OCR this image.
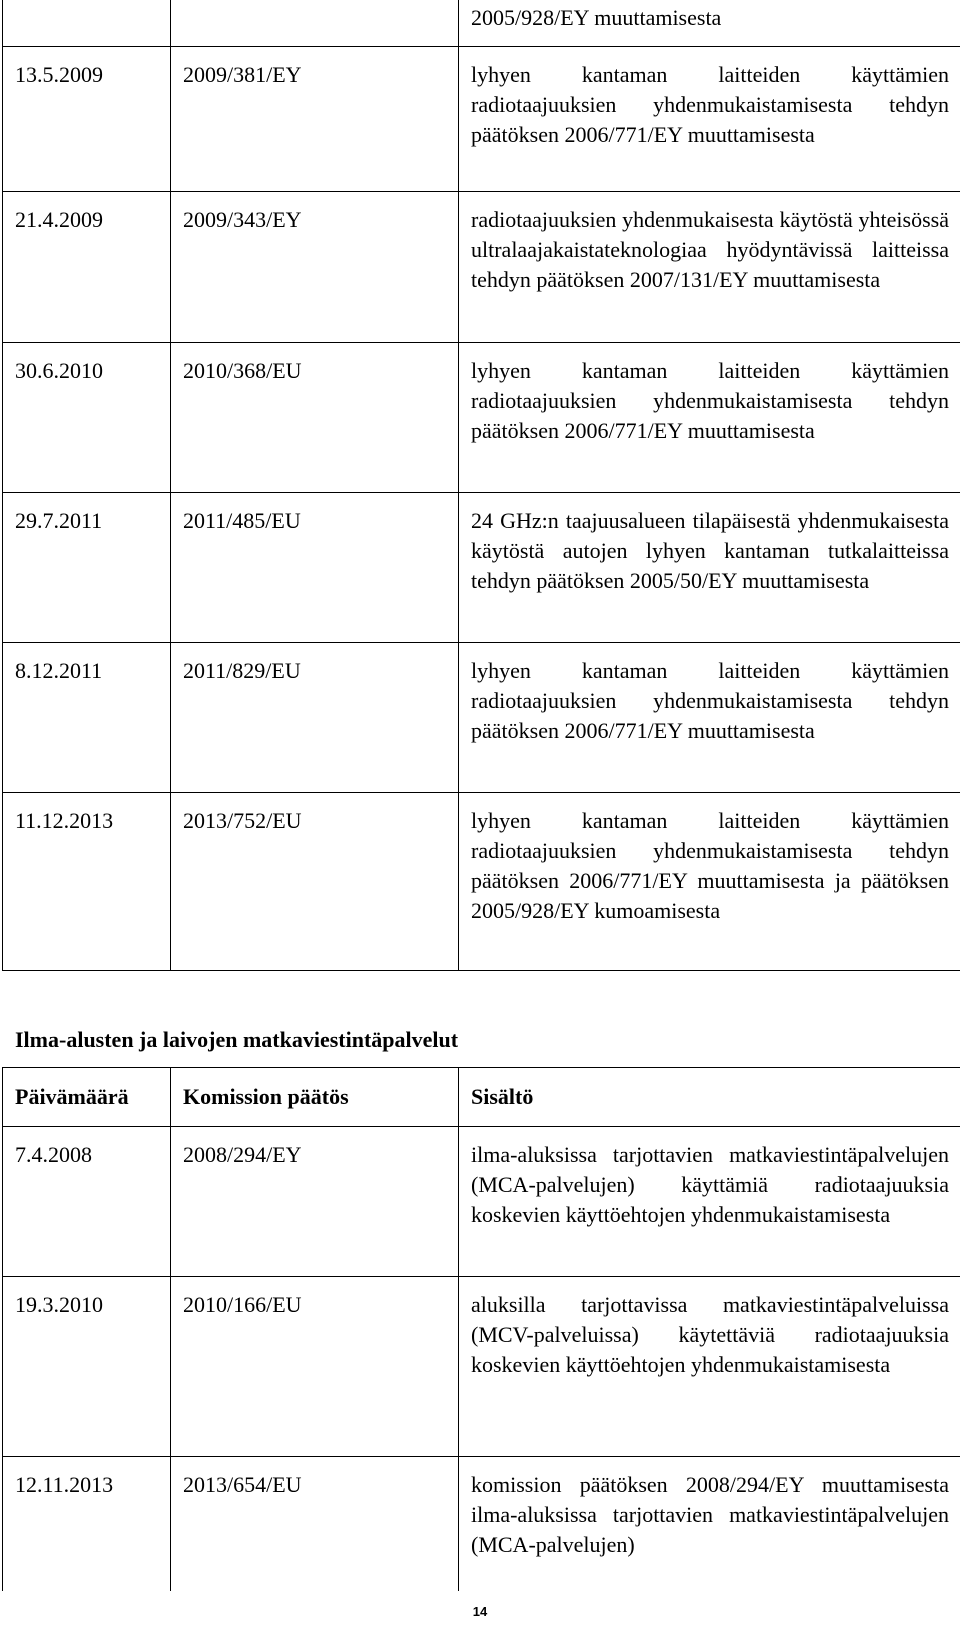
		2005/928/EY muuttamisesta
13.5.2009	2009/381/EY	lyhyen kantaman laitteiden käyttämien radiotaajuuksien yhdenmukaistamisesta tehdyn päätöksen 2006/771/EY muuttamisesta
21.4.2009	2009/343/EY	radiotaajuuksien yhdenmukaisesta käytöstä yhteisössä ultralaajakaistateknologiaa hyödyntävissä laitteissa tehdyn päätöksen 2007/131/EY muuttamisesta
30.6.2010	2010/368/EU	lyhyen kantaman laitteiden käyttämien radiotaajuuksien yhdenmukaistamisesta tehdyn päätöksen 2006/771/EY muuttamisesta
29.7.2011	2011/485/EU	24 GHz:n taajuusalueen tilapäisestä yhdenmukaisesta käytöstä autojen lyhyen kantaman tutkalaitteissa tehdyn päätöksen 2005/50/EY muuttamisesta
8.12.2011	2011/829/EU	lyhyen kantaman laitteiden käyttämien radiotaajuuksien yhdenmukaistamisesta tehdyn päätöksen 2006/771/EY muuttamisesta
11.12.2013	2013/752/EU	lyhyen kantaman laitteiden käyttämien radiotaajuuksien yhdenmukaistamisesta tehdyn päätöksen 2006/771/EY muuttamisesta ja päätöksen 2005/928/EY kumoamisesta
Ilma-alusten ja laivojen matkaviestintäpalvelut
Päivämäärä	Komission päätös	Sisältö
7.4.2008	2008/294/EY	ilma-aluksissa tarjottavien matkaviestintäpalvelujen (MCA-palvelujen) käyttämiä radiotaajuuksia koskevien käyttöehtojen yhdenmukaistamisesta
19.3.2010	2010/166/EU	aluksilla tarjottavissa matkaviestintäpalveluissa (MCV-palveluissa) käytettäviä radiotaajuuksia koskevien käyttöehtojen yhdenmukaistamisesta
12.11.2013	2013/654/EU	komission päätöksen 2008/294/EY muuttamisesta ilma-aluksissa tarjottavien matkaviestintäpalvelujen (MCA-palvelujen)
14
